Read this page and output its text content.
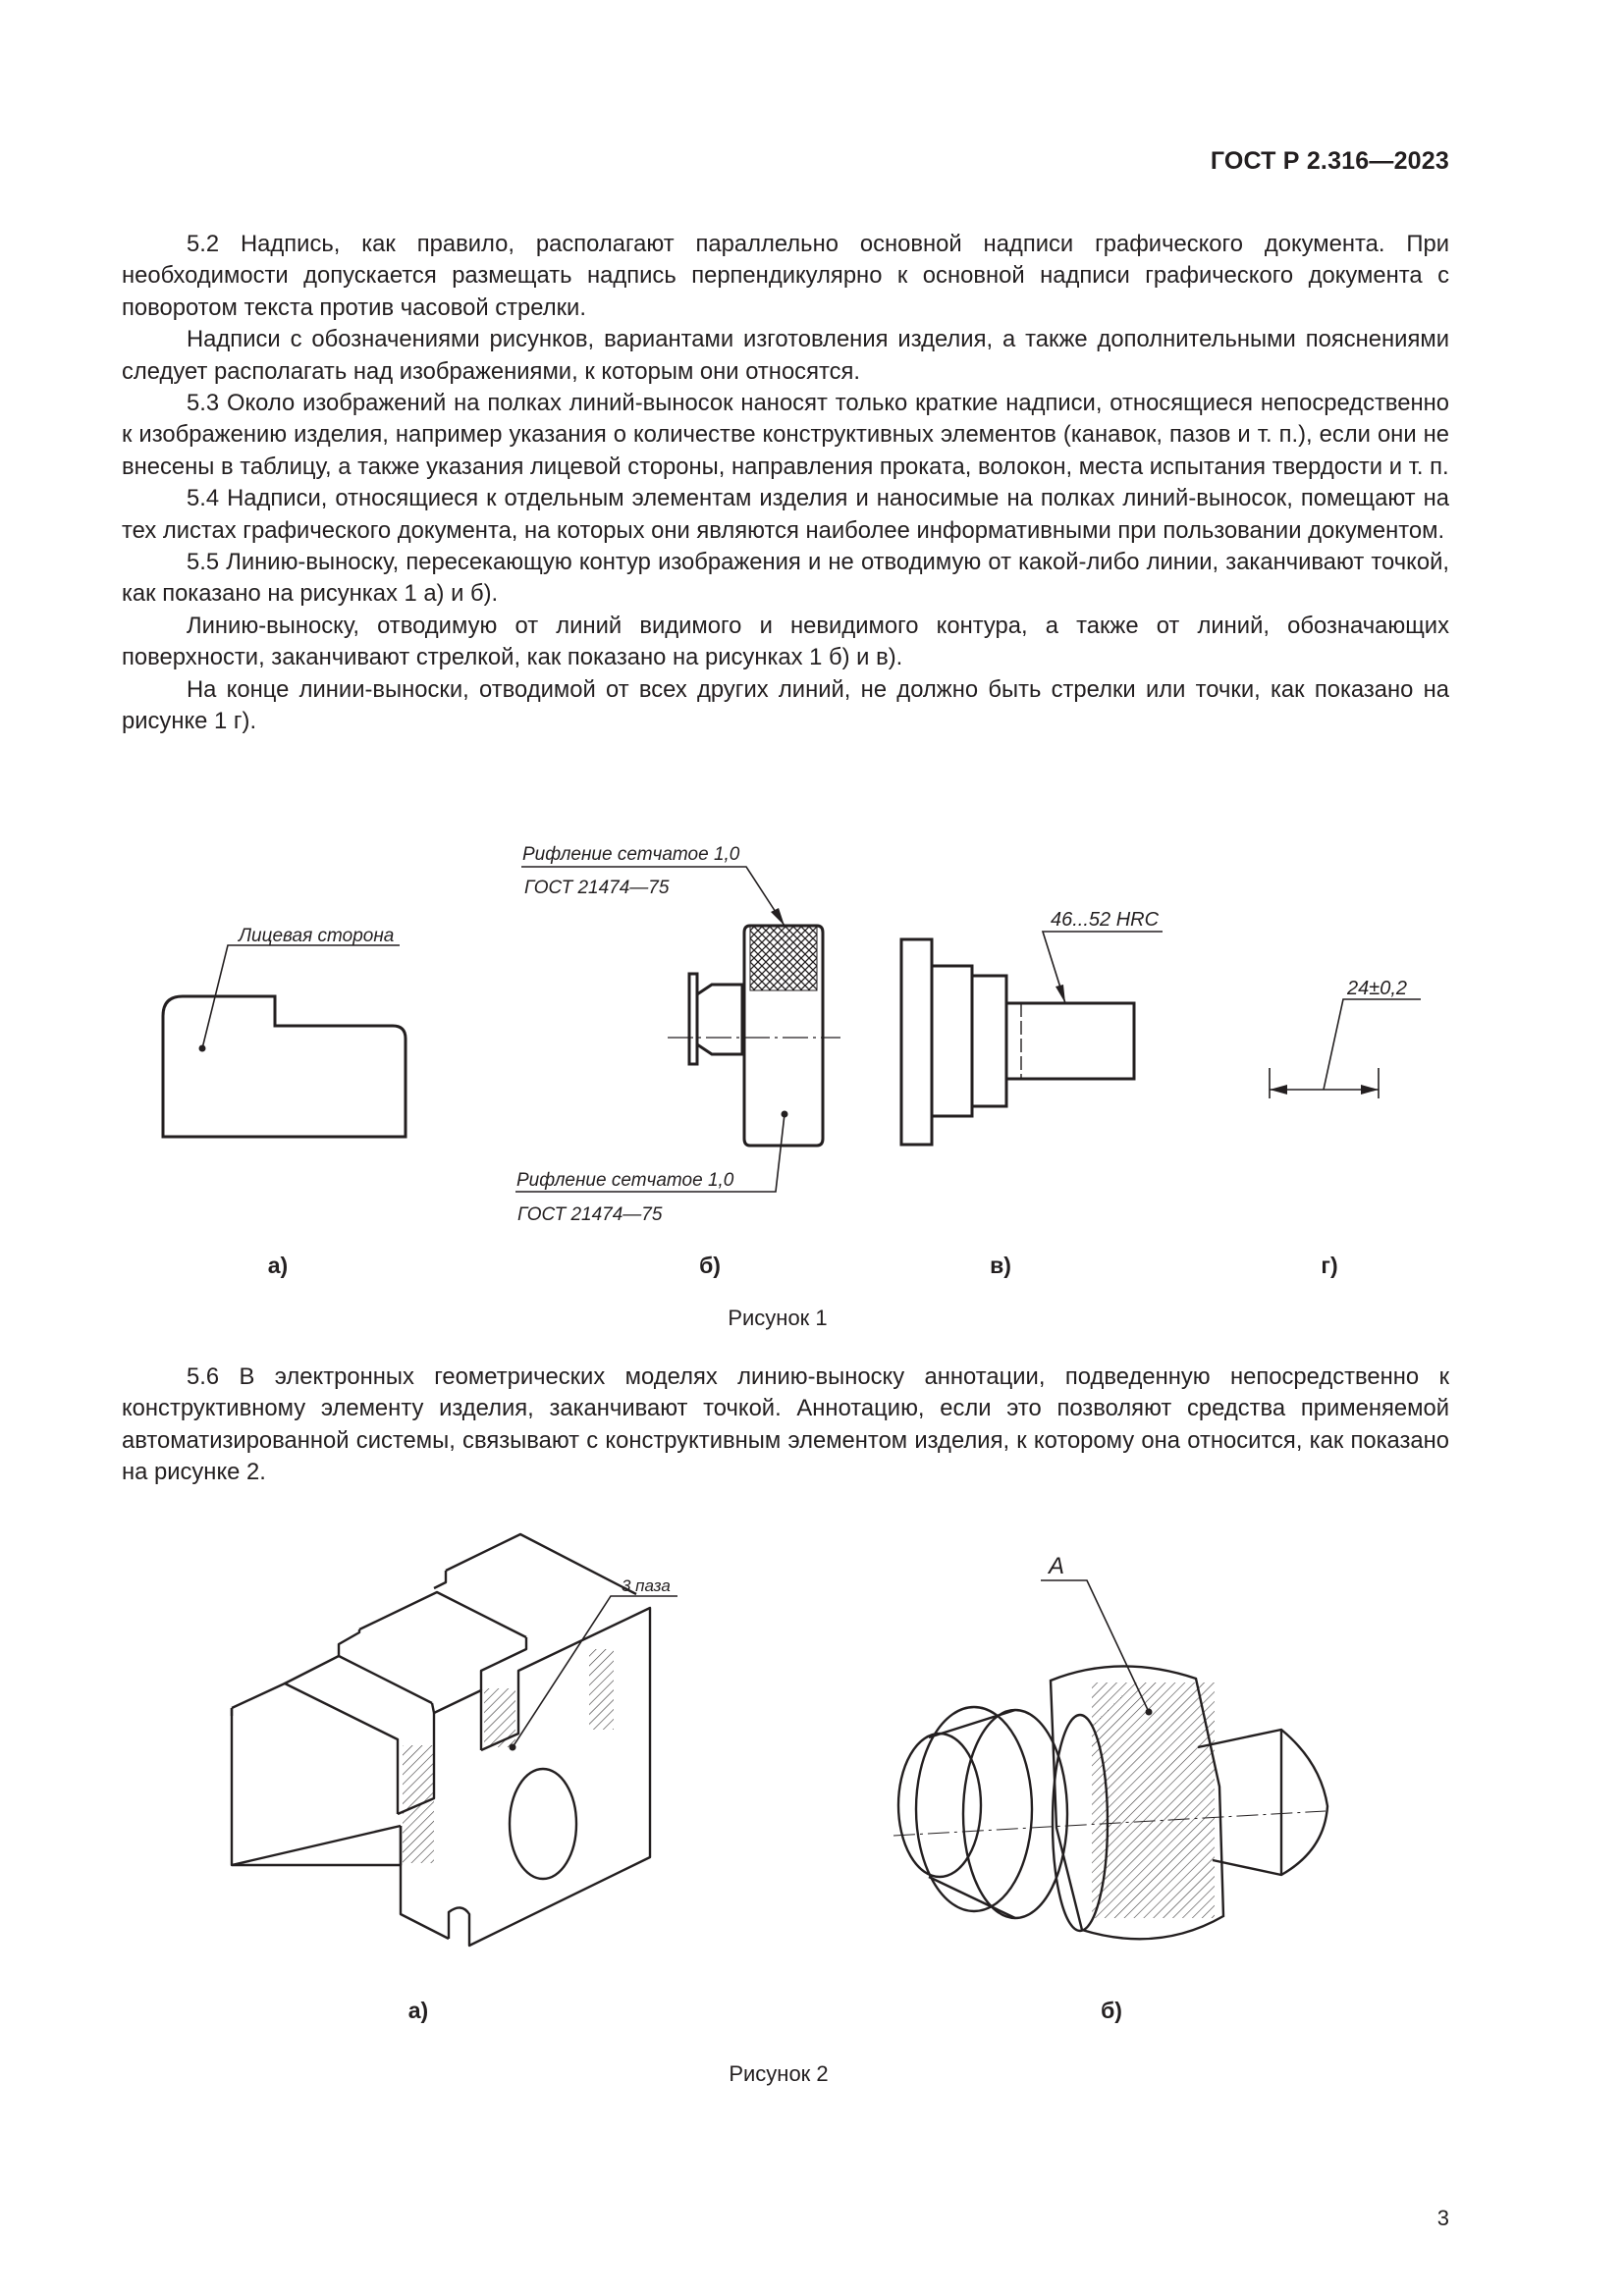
ГОСТ Р 2.316—2023

5.2 Надпись, как правило, располагают параллельно основной надписи графического документа. При необходимости допускается размещать надпись перпендикулярно к основной надписи графического документа с поворотом текста против часовой стрелки.

Надписи с обозначениями рисунков, вариантами изготовления изделия, а также дополнительными пояснениями следует располагать над изображениями, к которым они относятся.

5.3 Около изображений на полках линий-выносок наносят только краткие надписи, относящиеся непосредственно к изображению изделия, например указания о количестве конструктивных элементов (канавок, пазов и т. п.), если они не внесены в таблицу, а также указания лицевой стороны, направления проката, волокон, места испытания твердости и т. п.

5.4 Надписи, относящиеся к отдельным элементам изделия и наносимые на полках линий-выносок, помещают на тех листах графического документа, на которых они являются наиболее информативными при пользовании документом.

5.5 Линию-выноску, пересекающую контур изображения и не отводимую от какой-либо линии, заканчивают точкой, как показано на рисунках 1 а) и б).

Линию-выноску, отводимую от линий видимого и невидимого контура, а также от линий, обозначающих поверхности, заканчивают стрелкой, как показано на рисунках 1 б) и в).

На конце линии-выноски, отводимой от всех других линий, не должно быть стрелки или точки, как показано на рисунке 1 г).

Лицевая сторона
Рифление сетчатое 1,0
ГОСТ 21474—75
Рифление сетчатое 1,0
ГОСТ 21474—75
46...52 HRC
24±0,2
а)	б)	в)	г)
Рисунок 1

5.6 В электронных геометрических моделях линию-выноску аннотации, подведенную непосредственно к конструктивному элементу изделия, заканчивают точкой. Аннотацию, если это позволяют средства применяемой автоматизированной системы, связывают с конструктивным элементом изделия, к которому она относится, как показано на рисунке 2.

3 паза
А
а)	б)
Рисунок 2
3
